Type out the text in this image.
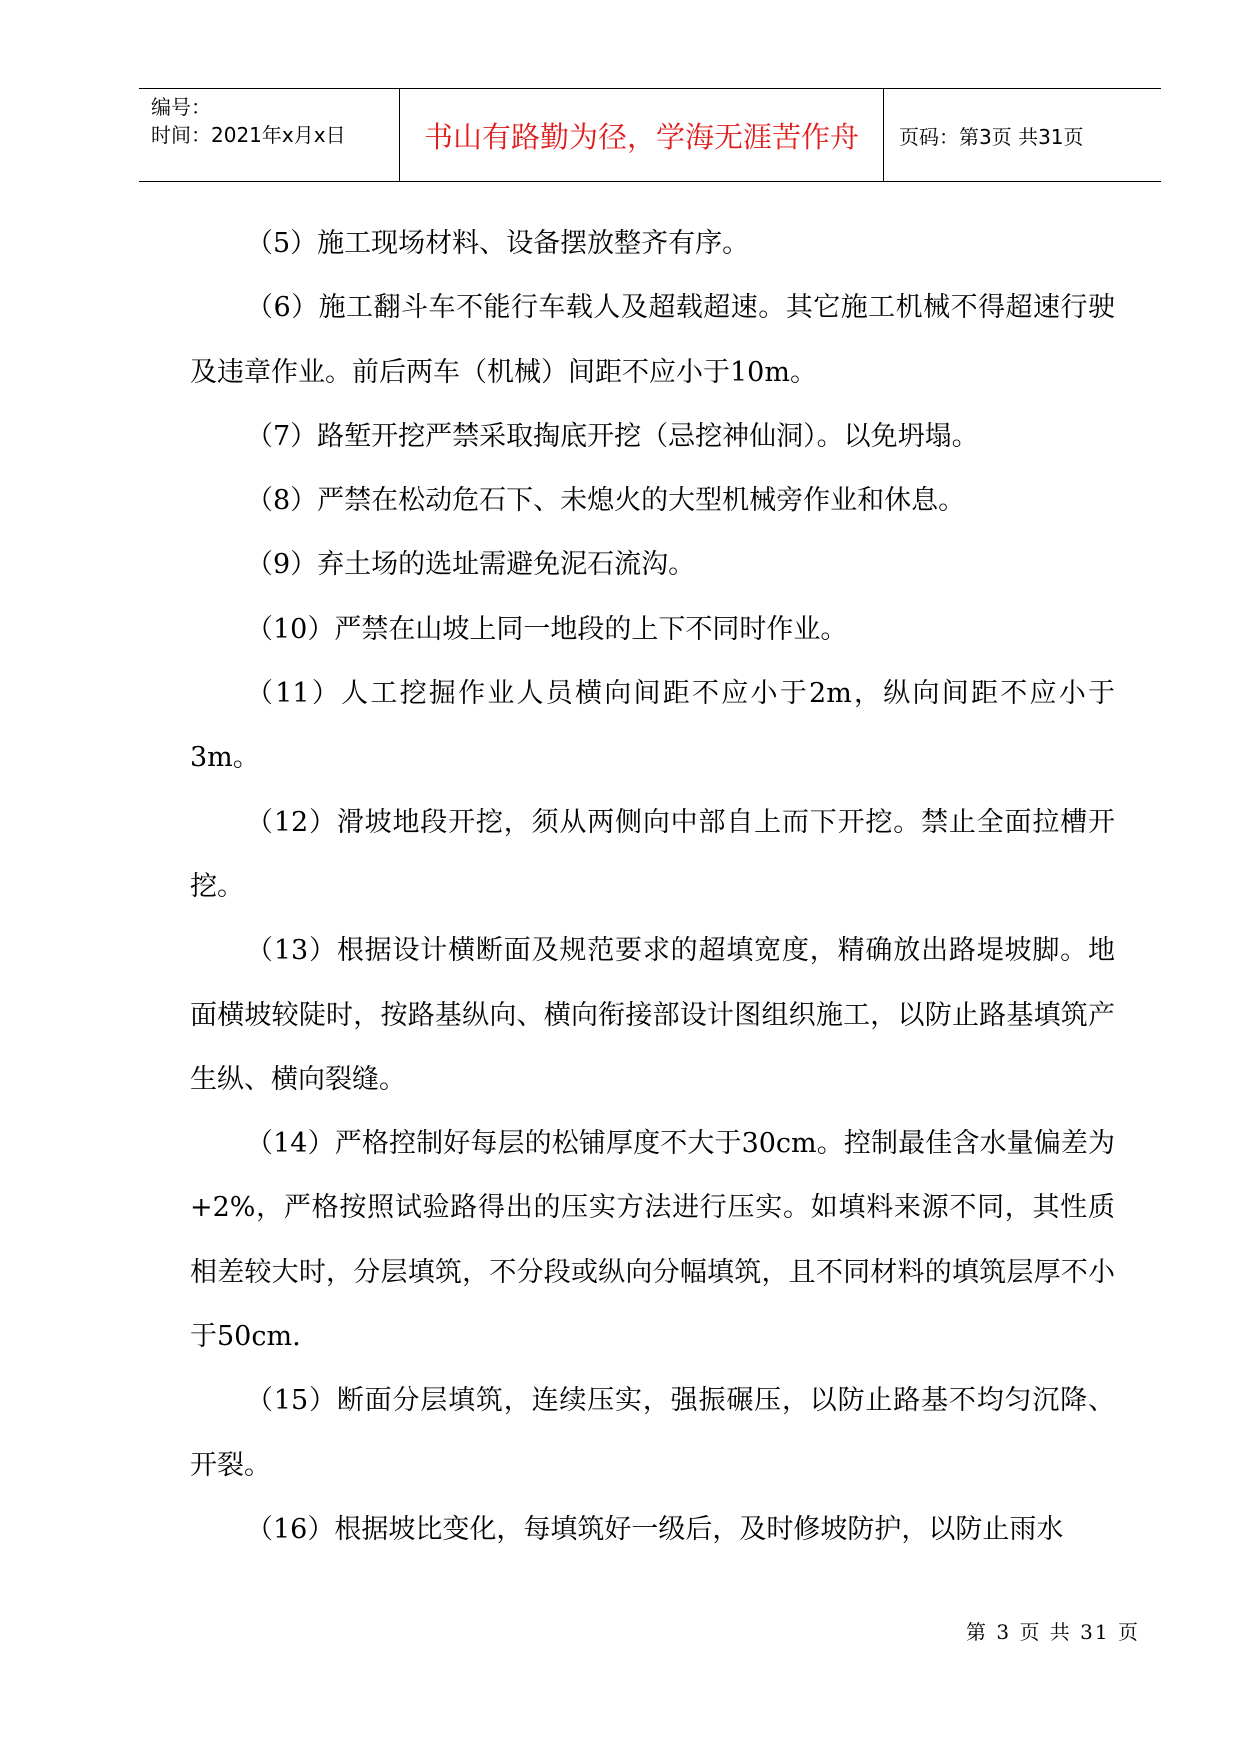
编号：
时间：2021年x月x日	书山有路勤为径，学海无涯苦作舟	页码：第3页 共31页

（5）施工现场材料、设备摆放整齐有序。

（6）施工翻斗车不能行车载人及超载超速。其它施工机械不得超速行驶及违章作业。前后两车（机械）间距不应小于10m。

（7）路堑开挖严禁采取掏底开挖（忌挖神仙洞）。以免坍塌。

（8）严禁在松动危石下、未熄火的大型机械旁作业和休息。

（9）弃土场的选址需避免泥石流沟。

（10）严禁在山坡上同一地段的上下不同时作业。

（11）人工挖掘作业人员横向间距不应小于2m，纵向间距不应小于3m。

（12）滑坡地段开挖，须从两侧向中部自上而下开挖。禁止全面拉槽开挖。

（13）根据设计横断面及规范要求的超填宽度，精确放出路堤坡脚。地面横坡较陡时，按路基纵向、横向衔接部设计图组织施工，以防止路基填筑产生纵、横向裂缝。

（14）严格控制好每层的松铺厚度不大于30cm。控制最佳含水量偏差为+2%，严格按照试验路得出的压实方法进行压实。如填料来源不同，其性质相差较大时，分层填筑，不分段或纵向分幅填筑，且不同材料的填筑层厚不小于50cm.

（15）断面分层填筑，连续压实，强振碾压，以防止路基不均匀沉降、开裂。

（16）根据坡比变化，每填筑好一级后，及时修坡防护，以防止雨水

第 3 页 共 31 页
